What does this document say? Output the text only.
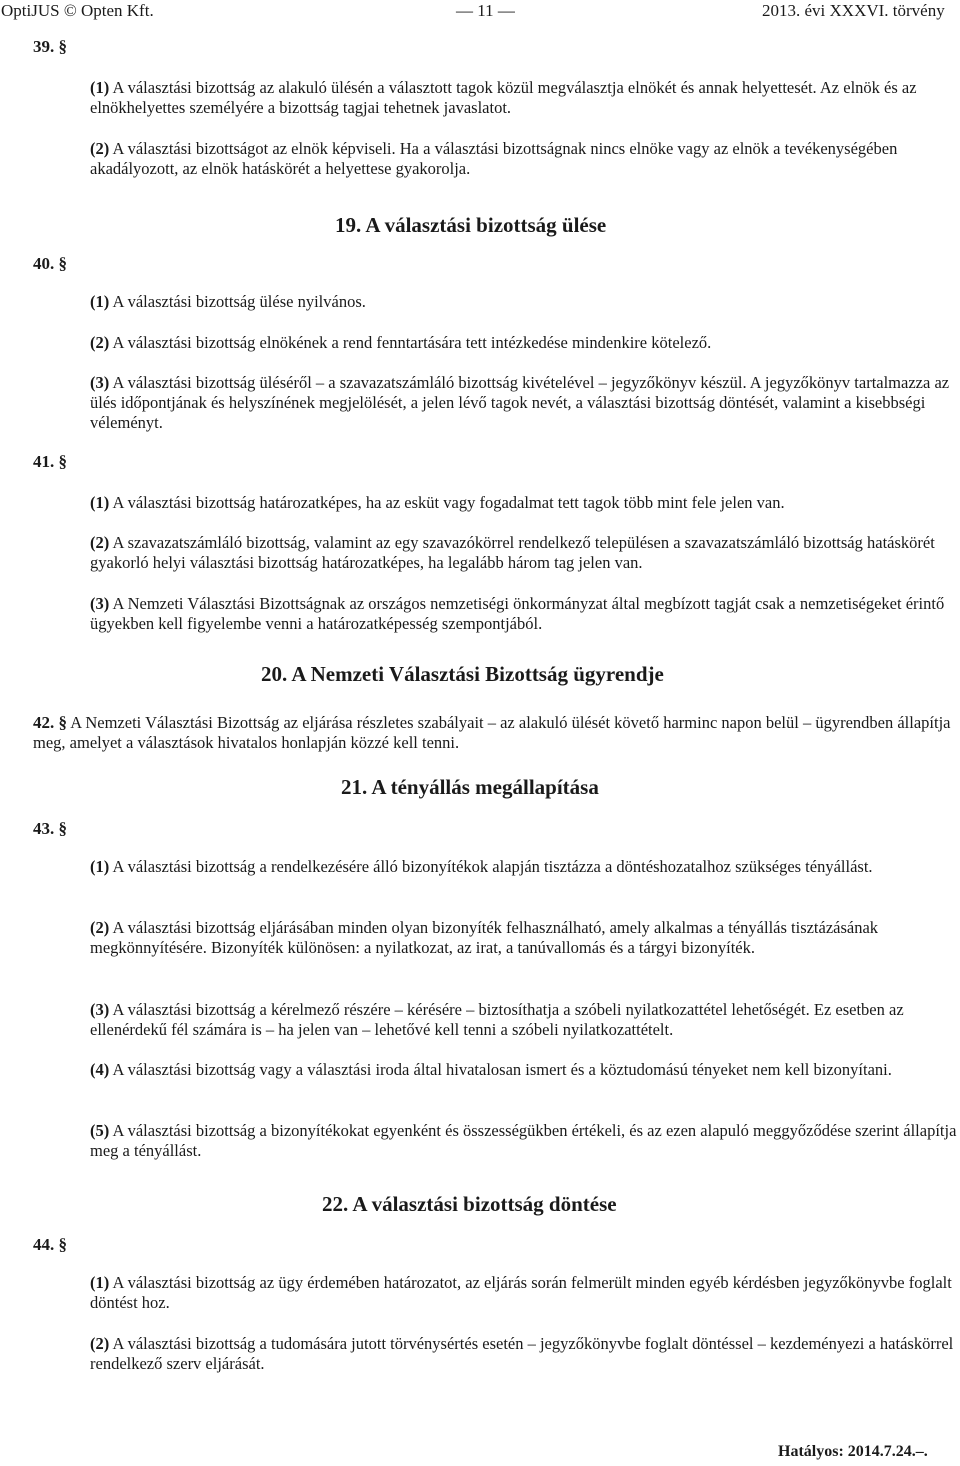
OptiJUS © Opten Kft.	— 11 —	2013. évi XXXVI. törvény
39. §
(1) A választási bizottság az alakuló ülésén a választott tagok közül megválasztja elnökét és annak helyettesét. Az elnök és az elnökhelyettes személyére a bizottság tagjai tehetnek javaslatot.
(2) A választási bizottságot az elnök képviseli. Ha a választási bizottságnak nincs elnöke vagy az elnök a tevékenységében akadályozott, az elnök hatáskörét a helyettese gyakorolja.
19. A választási bizottság ülése
40. §
(1) A választási bizottság ülése nyilvános.
(2) A választási bizottság elnökének a rend fenntartására tett intézkedése mindenkire kötelező.
(3) A választási bizottság üléséről – a szavazatszámláló bizottság kivételével – jegyzőkönyv készül. A jegyzőkönyv tartalmazza az ülés időpontjának és helyszínének megjelölését, a jelen lévő tagok nevét, a választási bizottság döntését, valamint a kisebbségi véleményt.
41. §
(1) A választási bizottság határozatképes, ha az esküt vagy fogadalmat tett tagok több mint fele jelen van.
(2) A szavazatszámláló bizottság, valamint az egy szavazókörrel rendelkező településen a szavazatszámláló bizottság hatáskörét gyakorló helyi választási bizottság határozatképes, ha legalább három tag jelen van.
(3) A Nemzeti Választási Bizottságnak az országos nemzetiségi önkormányzat által megbízott tagját csak a nemzetiségeket érintő ügyekben kell figyelembe venni a határozatképesség szempontjából.
20. A Nemzeti Választási Bizottság ügyrendje
42. § A Nemzeti Választási Bizottság az eljárása részletes szabályait – az alakuló ülését követő harminc napon belül – ügyrendben állapítja meg, amelyet a választások hivatalos honlapján közzé kell tenni.
21. A tényállás megállapítása
43. §
(1) A választási bizottság a rendelkezésére álló bizonyítékok alapján tisztázza a döntéshozatalhoz szükséges tényállást.
(2) A választási bizottság eljárásában minden olyan bizonyíték felhasználható, amely alkalmas a tényállás tisztázásának megkönnyítésére. Bizonyíték különösen: a nyilatkozat, az irat, a tanúvallomás és a tárgyi bizonyíték.
(3) A választási bizottság a kérelmező részére – kérésére – biztosíthatja a szóbeli nyilatkozattétel lehetőségét. Ez esetben az ellenérdekű fél számára is – ha jelen van – lehetővé kell tenni a szóbeli nyilatkozattételt.
(4) A választási bizottság vagy a választási iroda által hivatalosan ismert és a köztudomású tényeket nem kell bizonyítani.
(5) A választási bizottság a bizonyítékokat egyenként és összességükben értékeli, és az ezen alapuló meggyőződése szerint állapítja meg a tényállást.
22. A választási bizottság döntése
44. §
(1) A választási bizottság az ügy érdemében határozatot, az eljárás során felmerült minden egyéb kérdésben jegyzőkönyvbe foglalt döntést hoz.
(2) A választási bizottság a tudomására jutott törvénysértés esetén – jegyzőkönyvbe foglalt döntéssel – kezdeményezi a hatáskörrel rendelkező szerv eljárását.
Hatályos: 2014.7.24.–.
